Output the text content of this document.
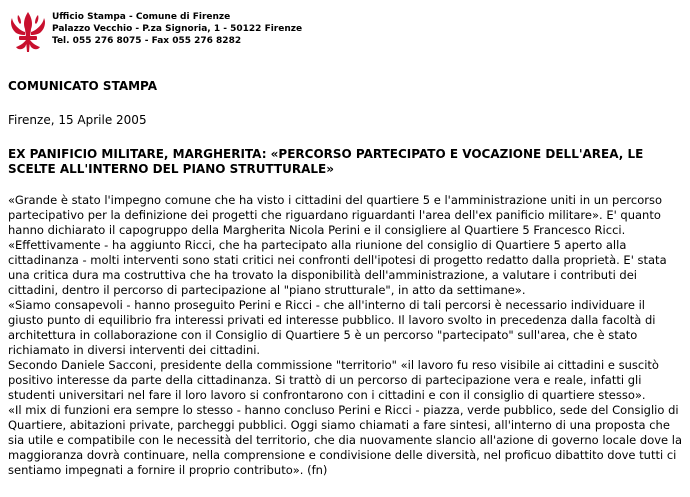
Ufficio Stampa - Comune di Firenze
Palazzo Vecchio - P.za Signoria, 1 - 50122 Firenze
Tel. 055 276 8075 - Fax 055 276 8282
COMUNICATO STAMPA
Firenze, 15 Aprile 2005
EX PANIFICIO MILITARE, MARGHERITA: «PERCORSO PARTECIPATO E VOCAZIONE DELL'AREA, LE SCELTE ALL'INTERNO DEL PIANO STRUTTURALE»

«Grande è stato l'impegno comune che ha visto i cittadini del quartiere 5 e l'amministrazione uniti in un percorso partecipativo per la definizione dei progetti che riguardano riguardanti l'area dell'ex panificio militare». E' quanto hanno dichiarato il capogruppo della Margherita Nicola Perini e il consigliere al Quartiere 5 Francesco Ricci.

«Effettivamente - ha aggiunto Ricci, che ha partecipato alla riunione del consiglio di Quartiere 5 aperto alla cittadinanza - molti interventi sono stati critici nei confronti dell'ipotesi di progetto redatto dalla proprietà. E' stata una critica dura ma costruttiva che ha trovato la disponibilità dell'amministrazione, a valutare i contributi dei cittadini, dentro il percorso di partecipazione al "piano strutturale", in atto da settimane».

«Siamo consapevoli - hanno proseguito Perini e Ricci - che all'interno di tali percorsi è necessario individuare il giusto punto di equilibrio fra interessi privati ed interesse pubblico. Il lavoro svolto in precedenza dalla facoltà di architettura in collaborazione con il Consiglio di Quartiere 5 è un percorso "partecipato" sull'area, che è stato richiamato in diversi interventi dei cittadini.

Secondo Daniele Sacconi, presidente della commissione "territorio" «il lavoro fu reso visibile ai cittadini e suscitò positivo interesse da parte della cittadinanza. Si trattò di un percorso di partecipazione vera e reale, infatti gli studenti universitari nel fare il loro lavoro si confrontarono con i cittadini e con il consiglio di quartiere stesso».

«Il mix di funzioni era sempre lo stesso - hanno concluso Perini e Ricci - piazza, verde pubblico, sede del Consiglio di Quartiere, abitazioni private, parcheggi pubblici. Oggi siamo chiamati a fare sintesi, all'interno di una proposta che sia utile e compatibile con le necessità del territorio, che dia nuovamente slancio all'azione di governo locale dove la maggioranza dovrà continuare, nella comprensione e condivisione delle diversità, nel proficuo dibattito dove tutti ci sentiamo impegnati a fornire il proprio contributo». (fn)
